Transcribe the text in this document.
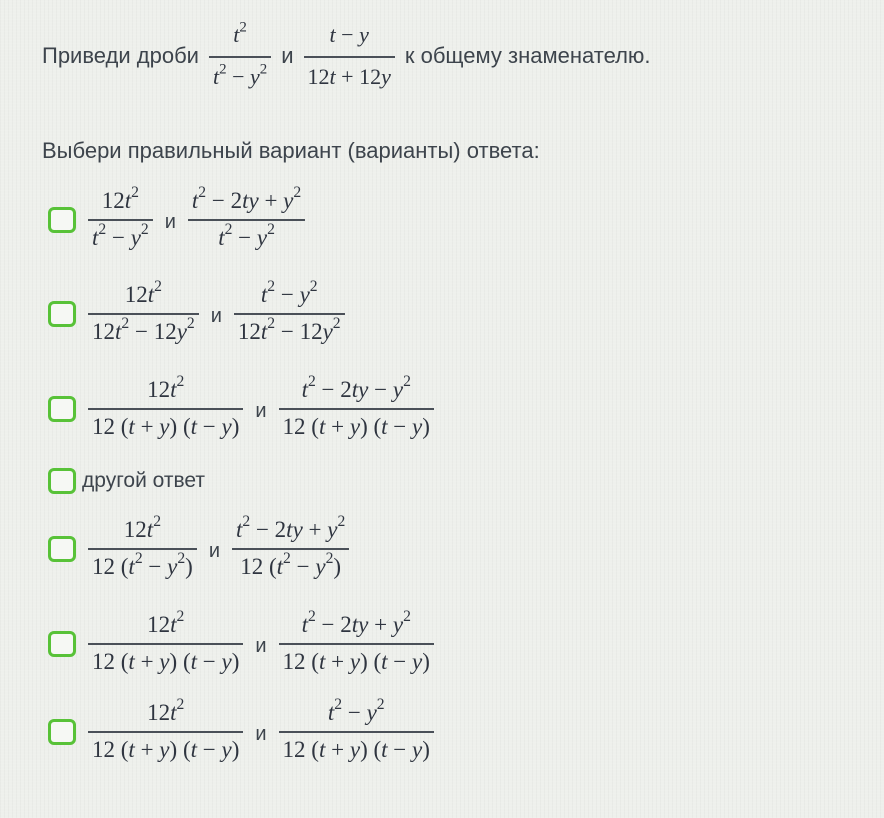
Приведи дроби $\frac{t^2}{t^2 - y^2}$ и $\frac{t - y}{12t + 12y}$ к общему знаменателю.
Выбери правильный вариант (варианты) ответа:
$\frac{12t^2}{t^2 - y^2}$ и $\frac{t^2 - 2ty + y^2}{t^2 - y^2}$
$\frac{12t^2}{12t^2 - 12y^2}$ и $\frac{t^2 - y^2}{12t^2 - 12y^2}$
$\frac{12t^2}{12 (t + y) (t - y)}$ и $\frac{t^2 - 2ty - y^2}{12 (t + y) (t - y)}$
другой ответ
$\frac{12t^2}{12 (t^2 - y^2)}$ и $\frac{t^2 - 2ty + y^2}{12 (t^2 - y^2)}$
$\frac{12t^2}{12 (t + y) (t - y)}$ и $\frac{t^2 - 2ty + y^2}{12 (t + y) (t - y)}$
$\frac{12t^2}{12 (t + y) (t - y)}$ и $\frac{t^2 - y^2}{12 (t + y) (t - y)}$
